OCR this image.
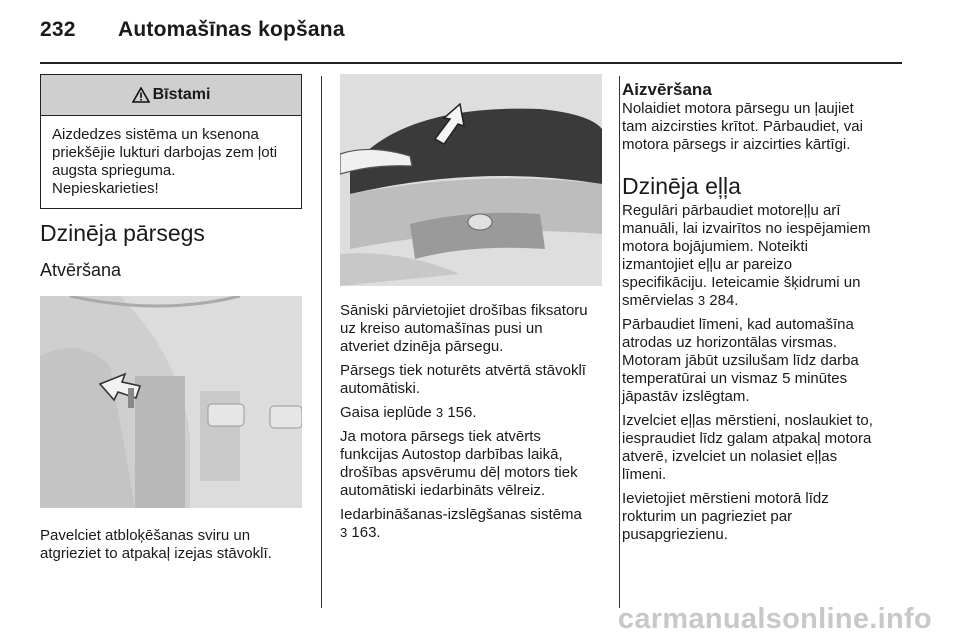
232 Automašīnas kopšana
Bīstami
Aizdedzes sistēma un ksenona
priekšējie lukturi darbojas zem ļoti
augsta sprieguma.
Nepieskarieties!
Dzinēja pārsegs
Atvēršana

Pavelciet atbloķēšanas sviru un
atgrieziet to atpakaļ izejas stāvoklī.

Sāniski pārvietojiet drošības fiksatoru
uz kreiso automašīnas pusi un
atveriet dzinēja pārsegu.

Pārsegs tiek noturēts atvērtā stāvoklī
automātiski.

Gaisa ieplūde 3 156.

Ja motora pārsegs tiek atvērts
funkcijas Autostop darbības laikā,
drošības apsvērumu dēļ motors tiek
automātiski iedarbināts vēlreiz.

Iedarbināšanas-izslēgšanas sistēma
3 163.

Aizvēršana

Nolaidiet motora pārsegu un ļaujiet
tam aizcirsties krītot. Pārbaudiet, vai
motora pārsegs ir aizcirties kārtīgi.

Dzinēja eļļa

Regulāri pārbaudiet motoreļļu arī
manuāli, lai izvairītos no iespējamiem
motora bojājumiem. Noteikti
izmantojiet eļļu ar pareizo
specifikāciju. Ieteicamie šķidrumi un
smērvielas 3 284.

Pārbaudiet līmeni, kad automašīna
atrodas uz horizontālas virsmas.
Motoram jābūt uzsilušam līdz darba
temperatūrai un vismaz 5 minūtes
jāpastāv izslēgtam.

Izvelciet eļļas mērstieni, noslaukiet to,
iespraudiet līdz galam atpakaļ motora
atverē, izvelciet un nolasiet eļļas
līmeni.

Ievietojiet mērstieni motorā līdz
rokturim un pagrieziet par
pusapgriezienu.

carmanualsonline.info
